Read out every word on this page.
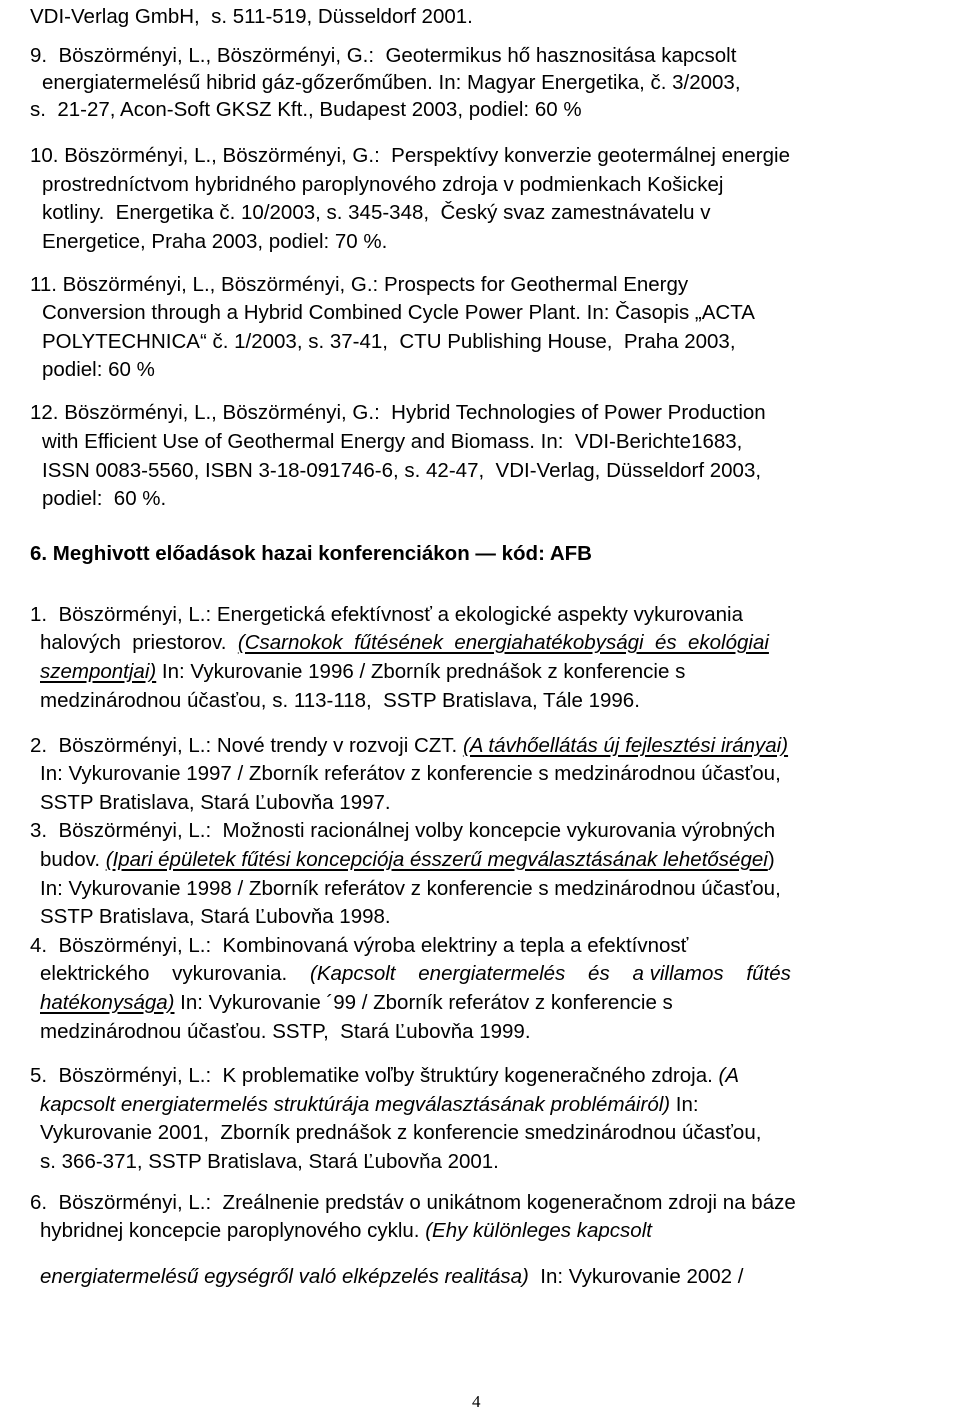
VDI-Verlag GmbH,  s. 511-519, Düsseldorf 2001.
9.  Böszörményi, L., Böszörményi, G.:  Geotermikus hő hasznositása kapcsolt
energiatermelésű hibrid gáz-gőzerőműben. In: Magyar Energetika, č. 3/2003,
s.  21-27, Acon-Soft GKSZ Kft., Budapest 2003, podiel: 60 %
10. Böszörményi, L., Böszörményi, G.:  Perspektívy konverzie geotermálnej energie
prostredníctvom hybridného paroplynového zdroja v podmienkach Košickej
kotliny.  Energetika č. 10/2003, s. 345-348,  Český svaz zamestnávatelu v
Energetice, Praha 2003, podiel: 70 %.
11. Böszörményi, L., Böszörményi, G.: Prospects for Geothermal Energy
Conversion through a Hybrid Combined Cycle Power Plant. In: Časopis „ACTA
POLYTECHNICA“ č. 1/2003, s. 37-41,  CTU Publishing House,  Praha 2003,
podiel: 60 %
12. Böszörményi, L., Böszörményi, G.:  Hybrid Technologies of Power Production
with Efficient Use of Geothermal Energy and Biomass. In:  VDI-Berichte1683,
ISSN 0083-5560, ISBN 3-18-091746-6, s. 42-47,  VDI-Verlag, Düsseldorf 2003,
podiel:  60 %.
6. Meghivott előadások hazai konferenciákon ― kód: AFB
1.  Böszörményi, L.: Energetická efektívnosť a ekologické aspekty vykurovania
halových  priestorov.  (Csarnokok  fűtésének  energiahatékobysági  és  ekológiai
szempontjai) In: Vykurovanie 1996 / Zborník prednášok z konferencie s
medzinárodnou účasťou, s. 113-118,  SSTP Bratislava, Tále 1996.
2.  Böszörményi, L.: Nové trendy v rozvoji CZT. (A távhőellátás új fejlesztési irányai)
In: Vykurovanie 1997 / Zborník referátov z konferencie s medzinárodnou účasťou,
SSTP Bratislava, Stará Ľubovňa 1997.
3.  Böszörményi, L.:  Možnosti racionálnej volby koncepcie vykurovania výrobných
budov. (Ipari épületek fűtési koncepciója ésszerű megválasztásának lehetőségei)
In: Vykurovanie 1998 / Zborník referátov z konferencie s medzinárodnou účasťou,
SSTP Bratislava, Stará Ľubovňa 1998.
4.  Böszörményi, L.:  Kombinovaná výroba elektriny a tepla a efektívnosť
elektrického    vykurovania.    (Kapcsolt    energiatermelés    és    a villamos    fűtés
hatékonysága) In: Vykurovanie ´99 / Zborník referátov z konferencie s
medzinárodnou účasťou. SSTP,  Stará Ľubovňa 1999.
5.  Böszörményi, L.:  K problematike voľby štruktúry kogeneračného zdroja. (A
kapcsolt energiatermelés struktúrája megválasztásának problémáiról) In:
Vykurovanie 2001,  Zborník prednášok z konferencie smedzinárodnou účasťou,
s. 366-371, SSTP Bratislava, Stará Ľubovňa 2001.
6.  Böszörményi, L.:  Zreálnenie predstáv o unikátnom kogeneračnom zdroji na báze
hybridnej koncepcie paroplynového cyklu. (Ehy különleges kapcsolt
energiatermelésű egységről való elképzelés realitása)  In: Vykurovanie 2002 /
4
